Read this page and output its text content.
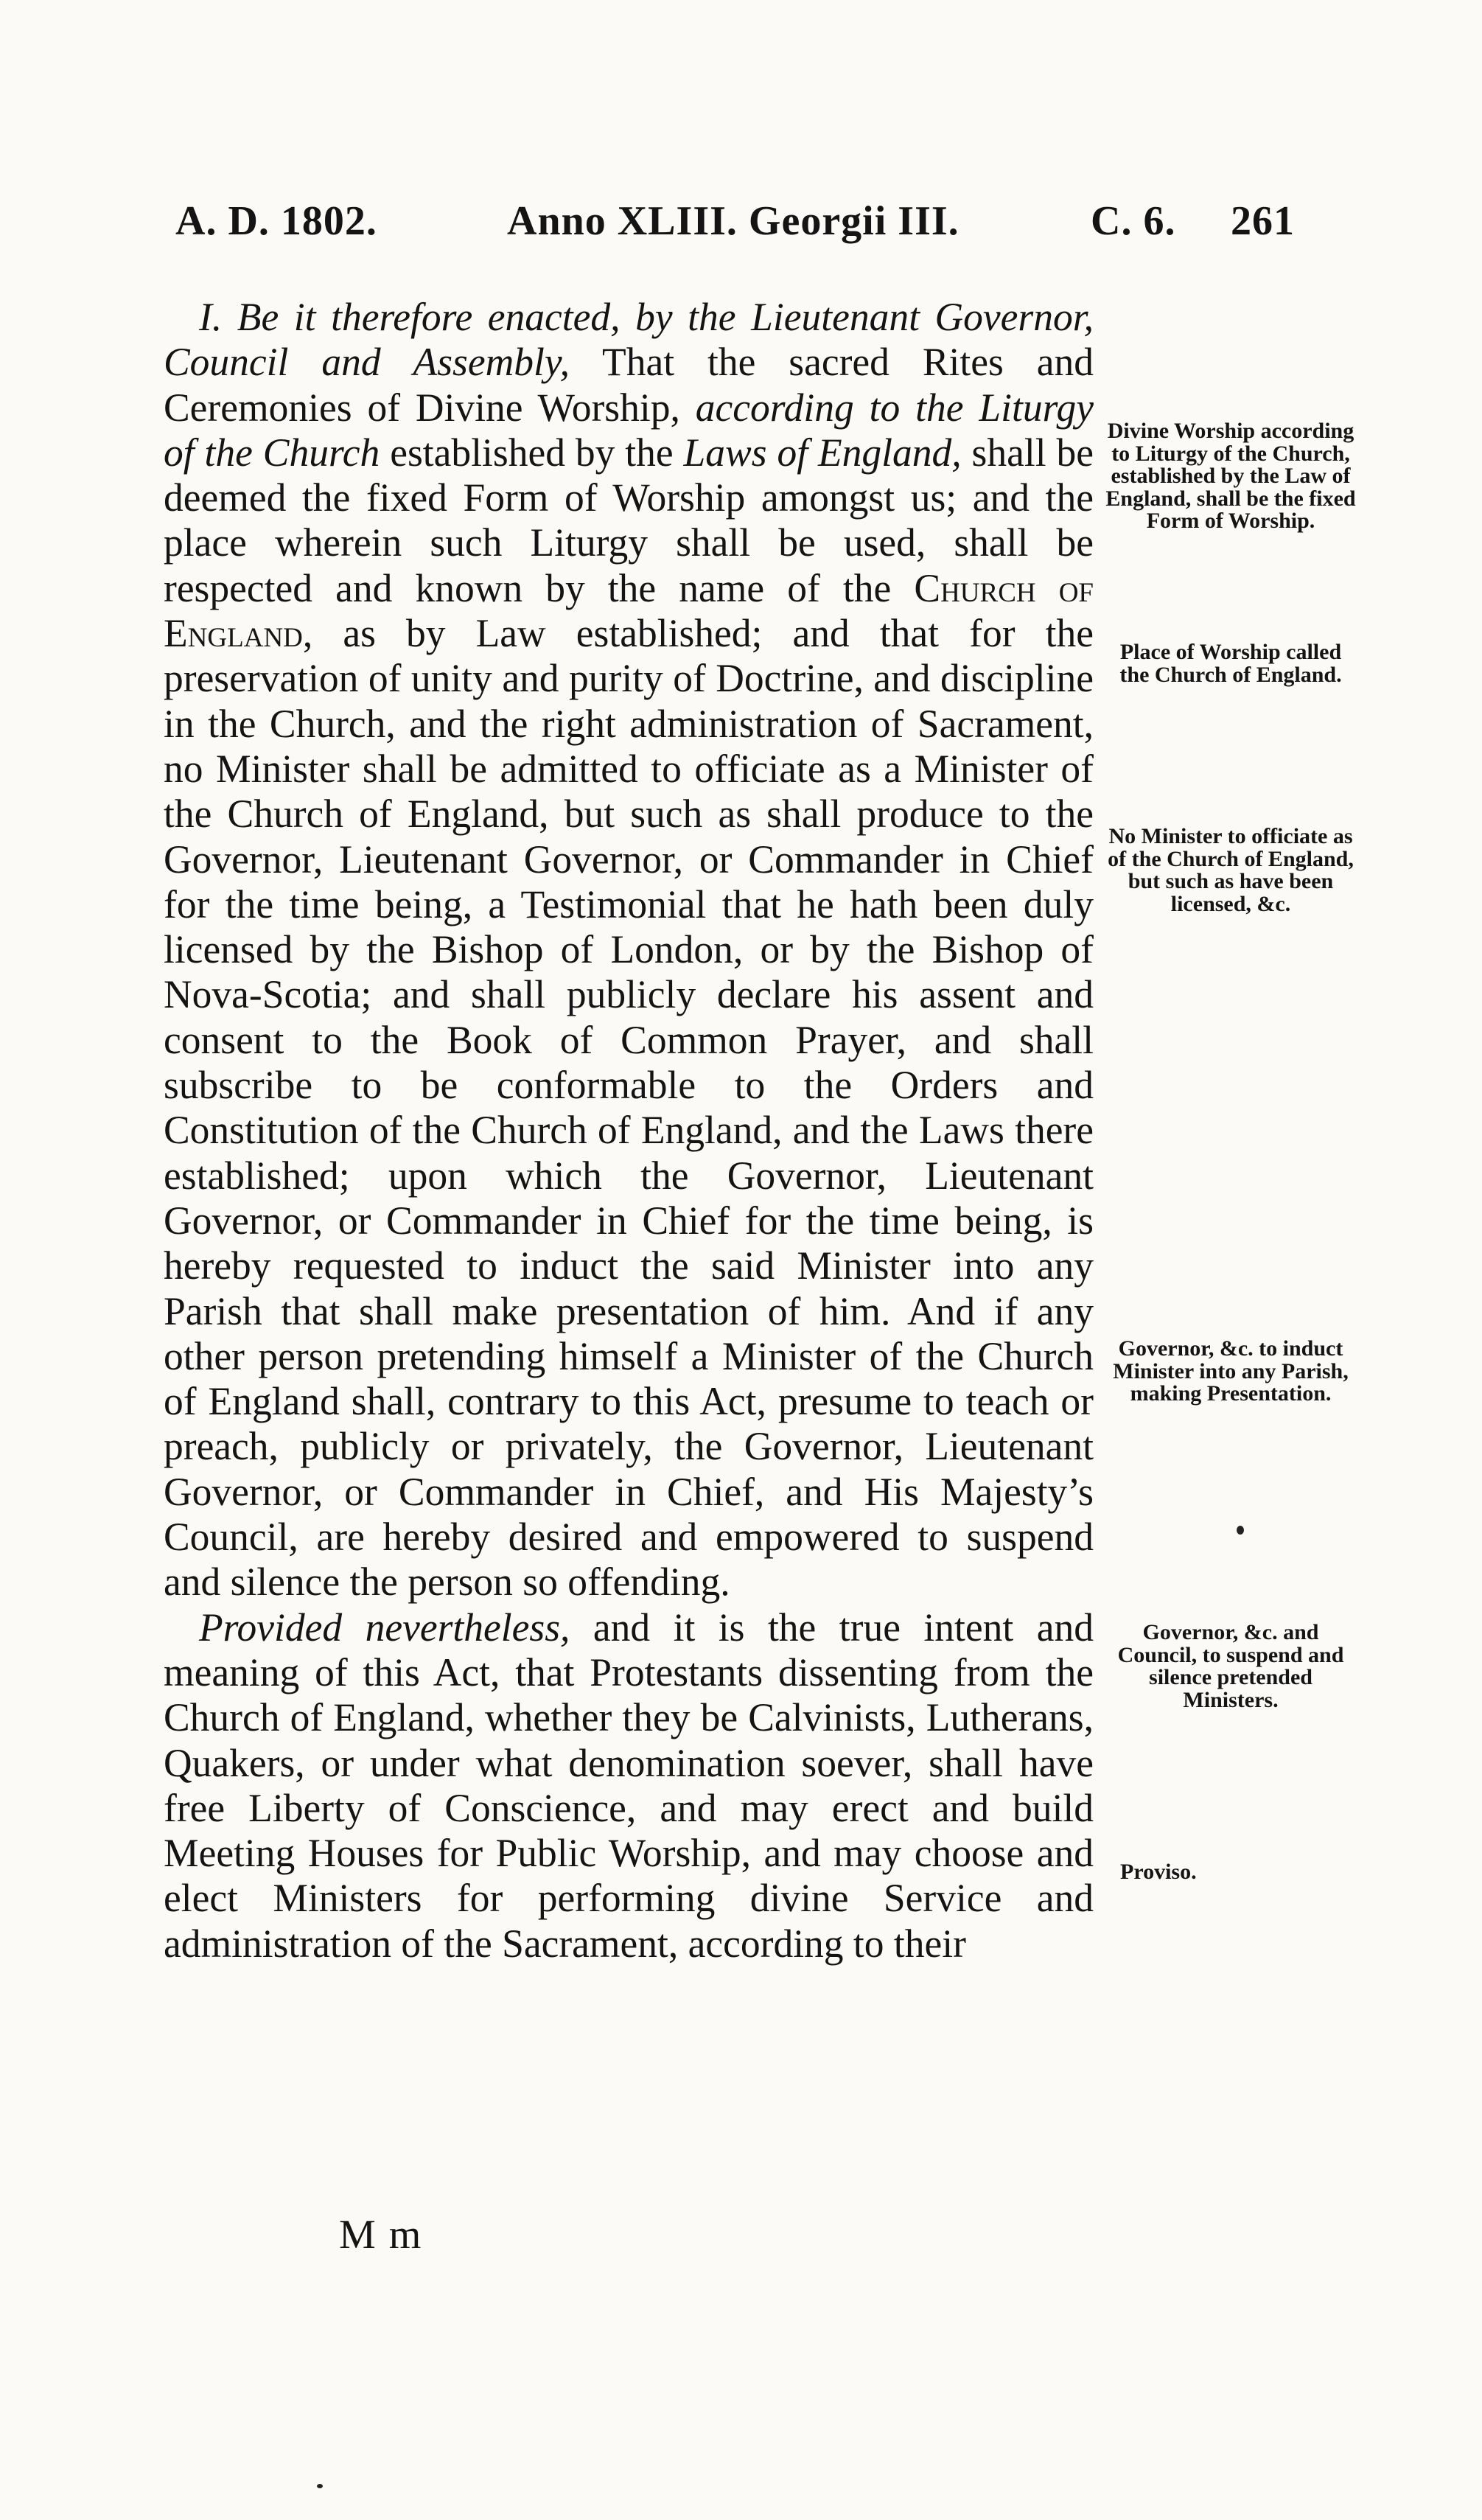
A. D. 1802.	Anno XLIII. Georgii III.	C. 6. 261

I. Be it therefore enacted, by the Lieutenant Governor, Council and Assembly, That the sacred Rites and Ceremonies of Divine Worship, according to the Liturgy of the Church established by the Laws of England, shall be deemed the fixed Form of Worship amongst us; and the place wherein such Liturgy shall be used, shall be respected and known by the name of the Church of England, as by Law established; and that for the preservation of unity and purity of Doctrine, and discipline in the Church, and the right administration of Sacrament, no Minister shall be admitted to officiate as a Minister of the Church of England, but such as shall produce to the Governor, Lieutenant Governor, or Commander in Chief for the time being, a Testimonial that he hath been duly licensed by the Bishop of London, or by the Bishop of Nova-Scotia; and shall publicly declare his assent and consent to the Book of Common Prayer, and shall subscribe to be conformable to the Orders and Constitution of the Church of England, and the Laws there established; upon which the Governor, Lieutenant Governor, or Commander in Chief for the time being, is hereby requested to induct the said Minister into any Parish that shall make presentation of him. And if any other person pretending himself a Minister of the Church of England shall, contrary to this Act, presume to teach or preach, publicly or privately, the Governor, Lieutenant Governor, or Commander in Chief, and His Majesty’s Council, are hereby desired and empowered to suspend and silence the person so offending.

Provided nevertheless, and it is the true intent and meaning of this Act, that Protestants dissenting from the Church of England, whether they be Calvinists, Lutherans, Quakers, or under what denomination soever, shall have free Liberty of Conscience, and may erect and build Meeting Houses for Public Worship, and may choose and elect Ministers for performing divine Service and administration of the Sacrament, according to their

Divine Worship according to Liturgy of the Church, established by the Law of England, shall be the fixed Form of Worship.
Place of Worship called the Church of England.
No Minister to officiate as of the Church of England, but such as have been licensed, &c.
Governor, &c. to induct Minister into any Parish, making Presentation.
Governor, &c. and Council, to suspend and silence pretended Ministers.
Proviso.
M m
